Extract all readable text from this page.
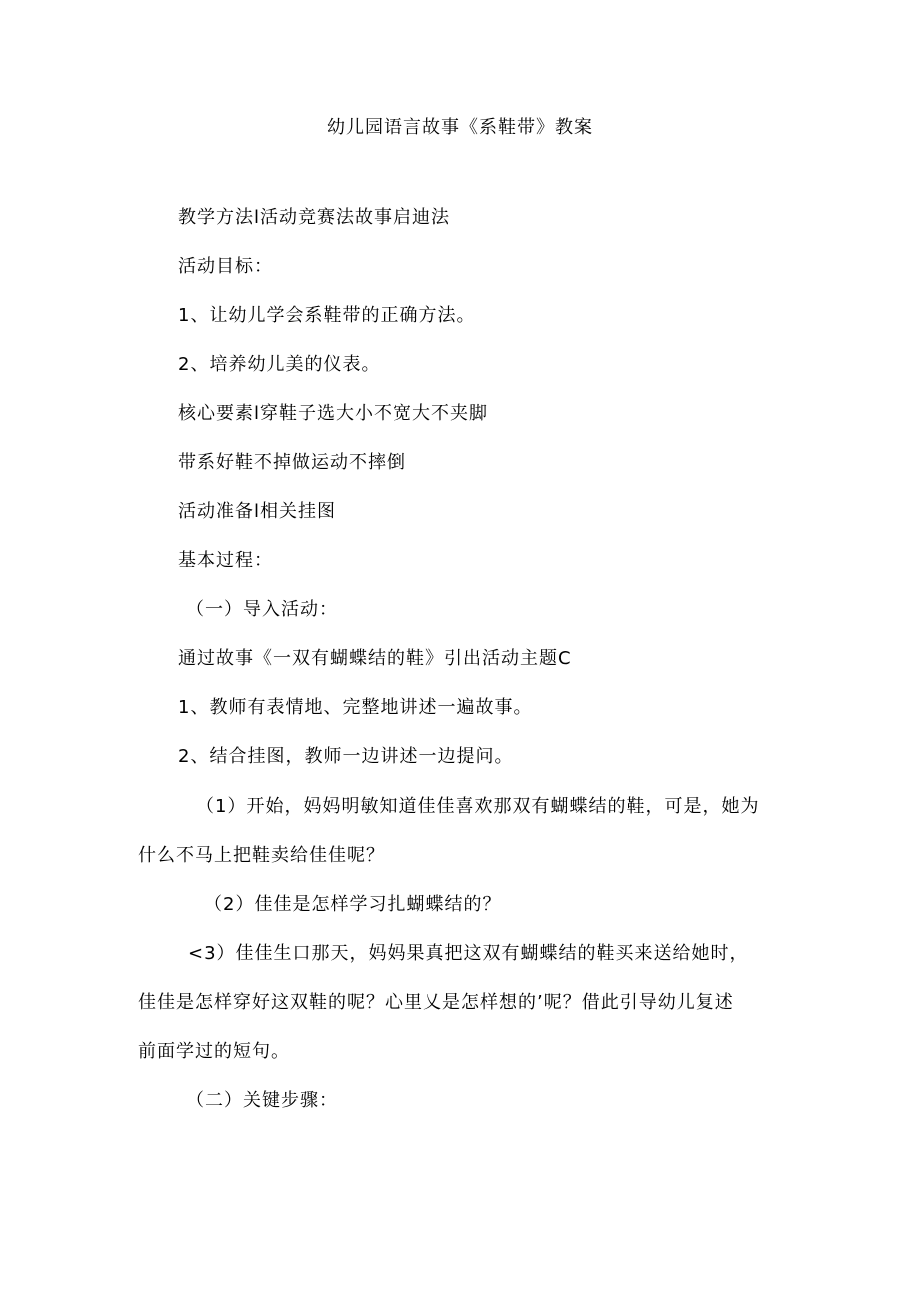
幼儿园语言故事《系鞋带》教案
教学方法l活动竞赛法故事启迪法
活动目标：
1、让幼儿学会系鞋带的正确方法。
2、培养幼儿美的仪表。
核心要素l穿鞋子选大小不宽大不夹脚
带系好鞋不掉做运动不摔倒
活动准备l相关挂图
基本过程：
（一）导入活动：
通过故事《一双有蝴蝶结的鞋》引出活动主题C
1、教师有表情地、完整地讲述一遍故事。
2、结合挂图，教师一边讲述一边提问。
（1）开始，妈妈明敏知道佳佳喜欢那双有蝴蝶结的鞋，可是，她为
什么不马上把鞋卖给佳佳呢？
（2）佳佳是怎样学习扎蝴蝶结的？
<3）佳佳生口那天，妈妈果真把这双有蝴蝶结的鞋买来送给她时，
佳佳是怎样穿好这双鞋的呢？心里乂是怎样想的’呢？借此引导幼儿复述
前面学过的短句。
（二）关键步骤：
